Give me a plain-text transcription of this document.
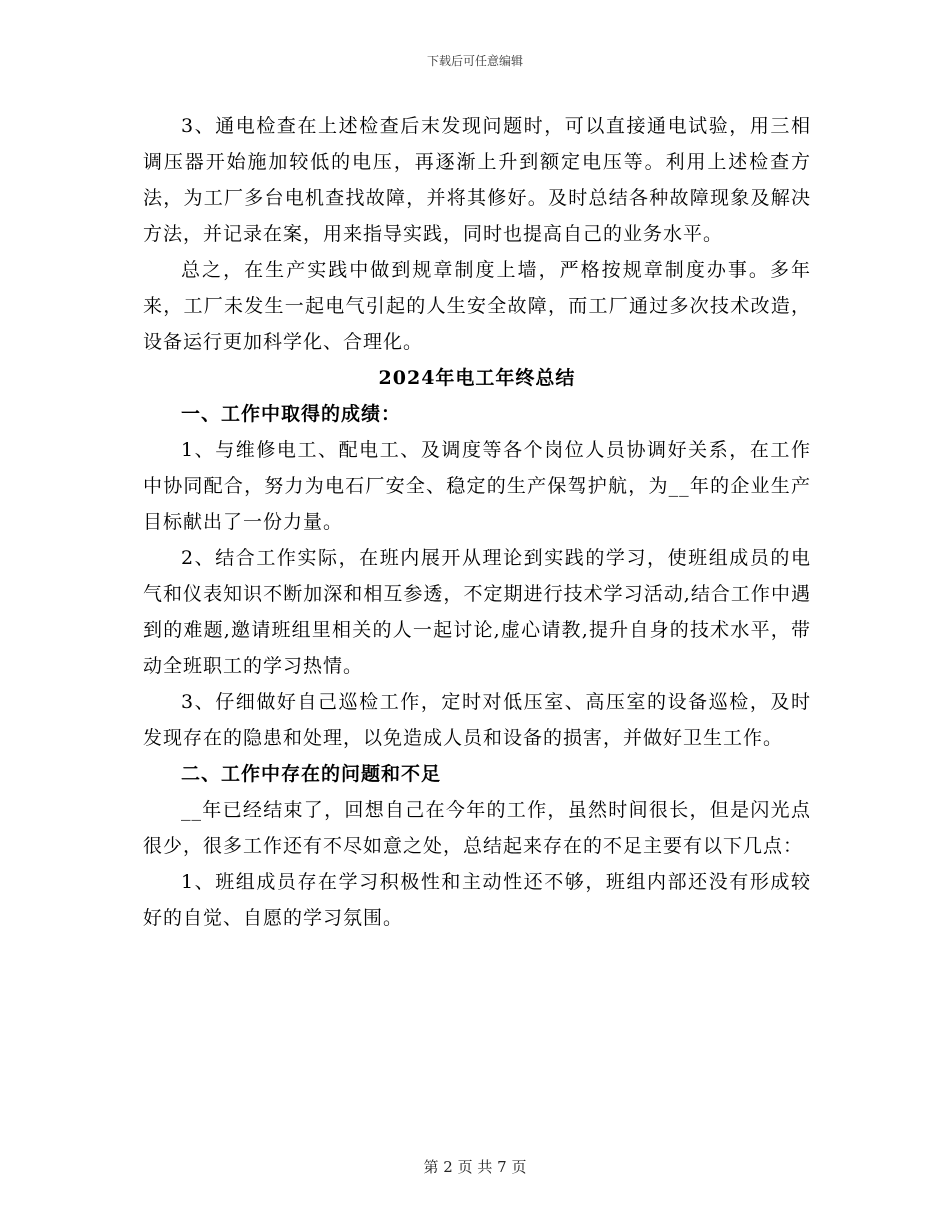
下载后可任意编辑

3、通电检查在上述检查后末发现问题时，可以直接通电试验，用三相调压器开始施加较低的电压，再逐渐上升到额定电压等。利用上述检查方法，为工厂多台电机查找故障，并将其修好。及时总结各种故障现象及解决方法，并记录在案，用来指导实践，同时也提高自己的业务水平。

总之，在生产实践中做到规章制度上墙，严格按规章制度办事。多年来，工厂未发生一起电气引起的人生安全故障，而工厂通过多次技术改造，设备运行更加科学化、合理化。

2024年电工年终总结

一、工作中取得的成绩：

1、与维修电工、配电工、及调度等各个岗位人员协调好关系，在工作中协同配合，努力为电石厂安全、稳定的生产保驾护航，为__年的企业生产目标献出了一份力量。

2、结合工作实际，在班内展开从理论到实践的学习，使班组成员的电气和仪表知识不断加深和相互参透，不定期进行技术学习活动,结合工作中遇到的难题,邀请班组里相关的人一起讨论,虚心请教,提升自身的技术水平，带动全班职工的学习热情。

3、仔细做好自己巡检工作，定时对低压室、高压室的设备巡检，及时发现存在的隐患和处理，以免造成人员和设备的损害，并做好卫生工作。

二、工作中存在的问题和不足

__年已经结束了，回想自己在今年的工作，虽然时间很长，但是闪光点很少，很多工作还有不尽如意之处，总结起来存在的不足主要有以下几点：

1、班组成员存在学习积极性和主动性还不够，班组内部还没有形成较好的自觉、自愿的学习氛围。

第 2 页 共 7 页
